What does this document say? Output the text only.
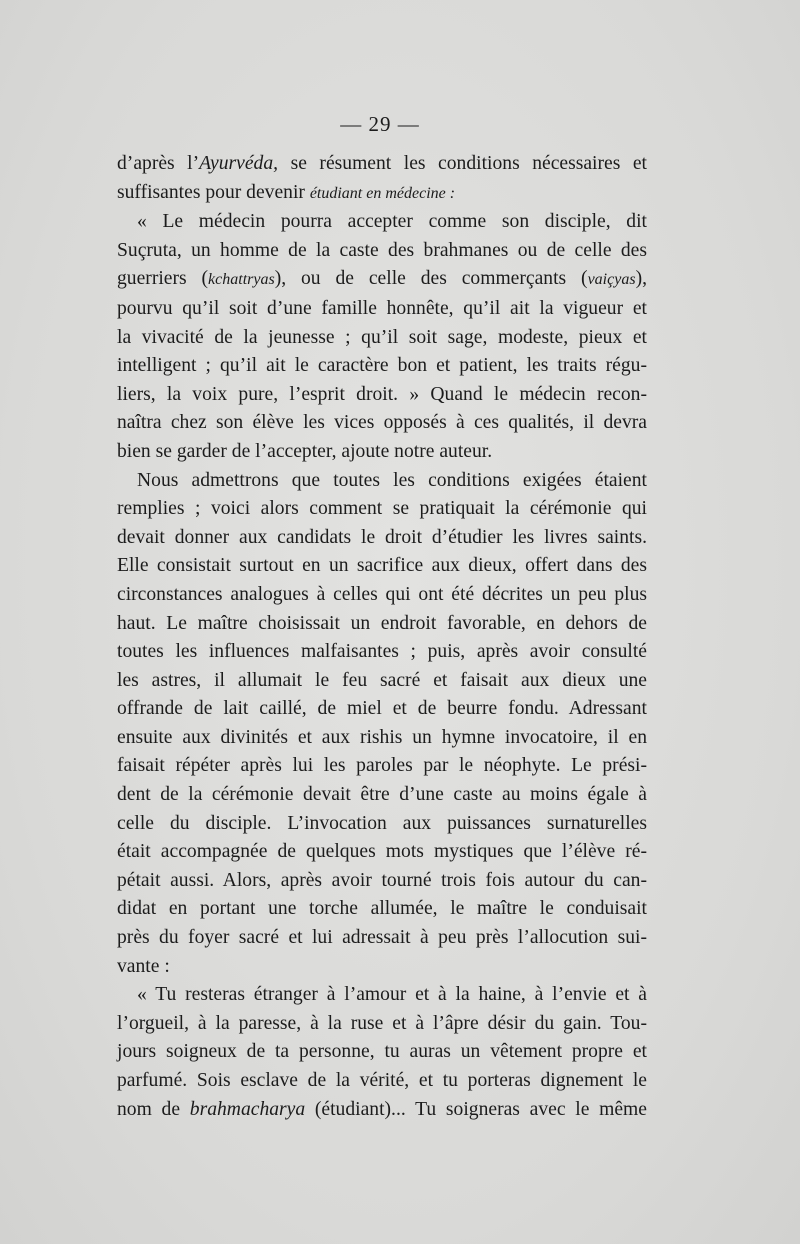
— 29 —
d’après l’Ayurvéda, se résument les conditions nécessaires et
suffisantes pour devenir étudiant en médecine :
« Le médecin pourra accepter comme son disciple, dit
Suçruta, un homme de la caste des brahmanes ou de celle des
guerriers (kchattryas), ou de celle des commerçants (vaiçyas),
pourvu qu’il soit d’une famille honnête, qu’il ait la vigueur et
la vivacité de la jeunesse ; qu’il soit sage, modeste, pieux et
intelligent ; qu’il ait le caractère bon et patient, les traits régu-
liers, la voix pure, l’esprit droit. » Quand le médecin recon-
naîtra chez son élève les vices opposés à ces qualités, il devra
bien se garder de l’accepter, ajoute notre auteur.
Nous admettrons que toutes les conditions exigées étaient
remplies ; voici alors comment se pratiquait la cérémonie qui
devait donner aux candidats le droit d’étudier les livres saints.
Elle consistait surtout en un sacrifice aux dieux, offert dans des
circonstances analogues à celles qui ont été décrites un peu plus
haut. Le maître choisissait un endroit favorable, en dehors de
toutes les influences malfaisantes ; puis, après avoir consulté
les astres, il allumait le feu sacré et faisait aux dieux une
offrande de lait caillé, de miel et de beurre fondu. Adressant
ensuite aux divinités et aux rishis un hymne invocatoire, il en
faisait répéter après lui les paroles par le néophyte. Le prési-
dent de la cérémonie devait être d’une caste au moins égale à
celle du disciple. L’invocation aux puissances surnaturelles
était accompagnée de quelques mots mystiques que l’élève ré-
pétait aussi. Alors, après avoir tourné trois fois autour du can-
didat en portant une torche allumée, le maître le conduisait
près du foyer sacré et lui adressait à peu près l’allocution sui-
vante :
« Tu resteras étranger à l’amour et à la haine, à l’envie et à
l’orgueil, à la paresse, à la ruse et à l’âpre désir du gain. Tou-
jours soigneux de ta personne, tu auras un vêtement propre et
parfumé. Sois esclave de la vérité, et tu porteras dignement le
nom de brahmacharya (étudiant)... Tu soigneras avec le même
